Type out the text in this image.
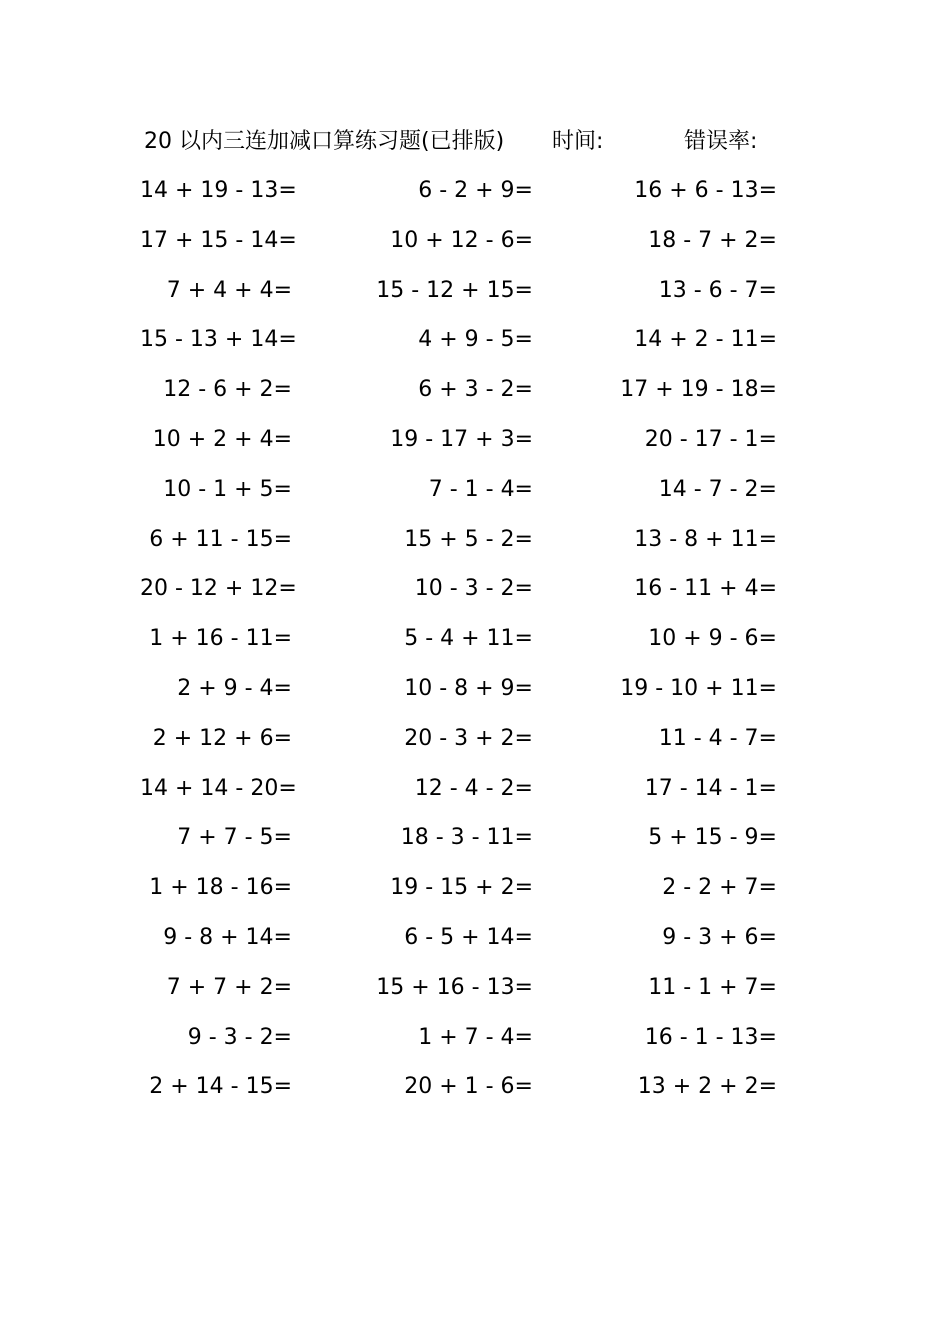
20 以内三连加减口算练习题(已排版) 时间:	错误率:
14 + 19 - 13=	6 - 2 + 9=	16 + 6 - 13=
17 + 15 - 14=	10 + 12 - 6=	18 - 7 + 2=
7 + 4 + 4=	15 - 12 + 15=	13 - 6 - 7=
15 - 13 + 14=	4 + 9 - 5=	14 + 2 - 11=
12 - 6 + 2=	6 + 3 - 2=	17 + 19 - 18=
10 + 2 + 4=	19 - 17 + 3=	20 - 17 - 1=
10 - 1 + 5=	7 - 1 - 4=	14 - 7 - 2=
6 + 11 - 15=	15 + 5 - 2=	13 - 8 + 11=
20 - 12 + 12=	10 - 3 - 2=	16 - 11 + 4=
1 + 16 - 11=	5 - 4 + 11=	10 + 9 - 6=
2 + 9 - 4=	10 - 8 + 9=	19 - 10 + 11=
2 + 12 + 6=	20 - 3 + 2=	11 - 4 - 7=
14 + 14 - 20=	12 - 4 - 2=	17 - 14 - 1=
7 + 7 - 5=	18 - 3 - 11=	5 + 15 - 9=
1 + 18 - 16=	19 - 15 + 2=	2 - 2 + 7=
9 - 8 + 14=	6 - 5 + 14=	9 - 3 + 6=
7 + 7 + 2=	15 + 16 - 13=	11 - 1 + 7=
9 - 3 - 2=	1 + 7 - 4=	16 - 1 - 13=
2 + 14 - 15=	20 + 1 - 6=	13 + 2 + 2=
